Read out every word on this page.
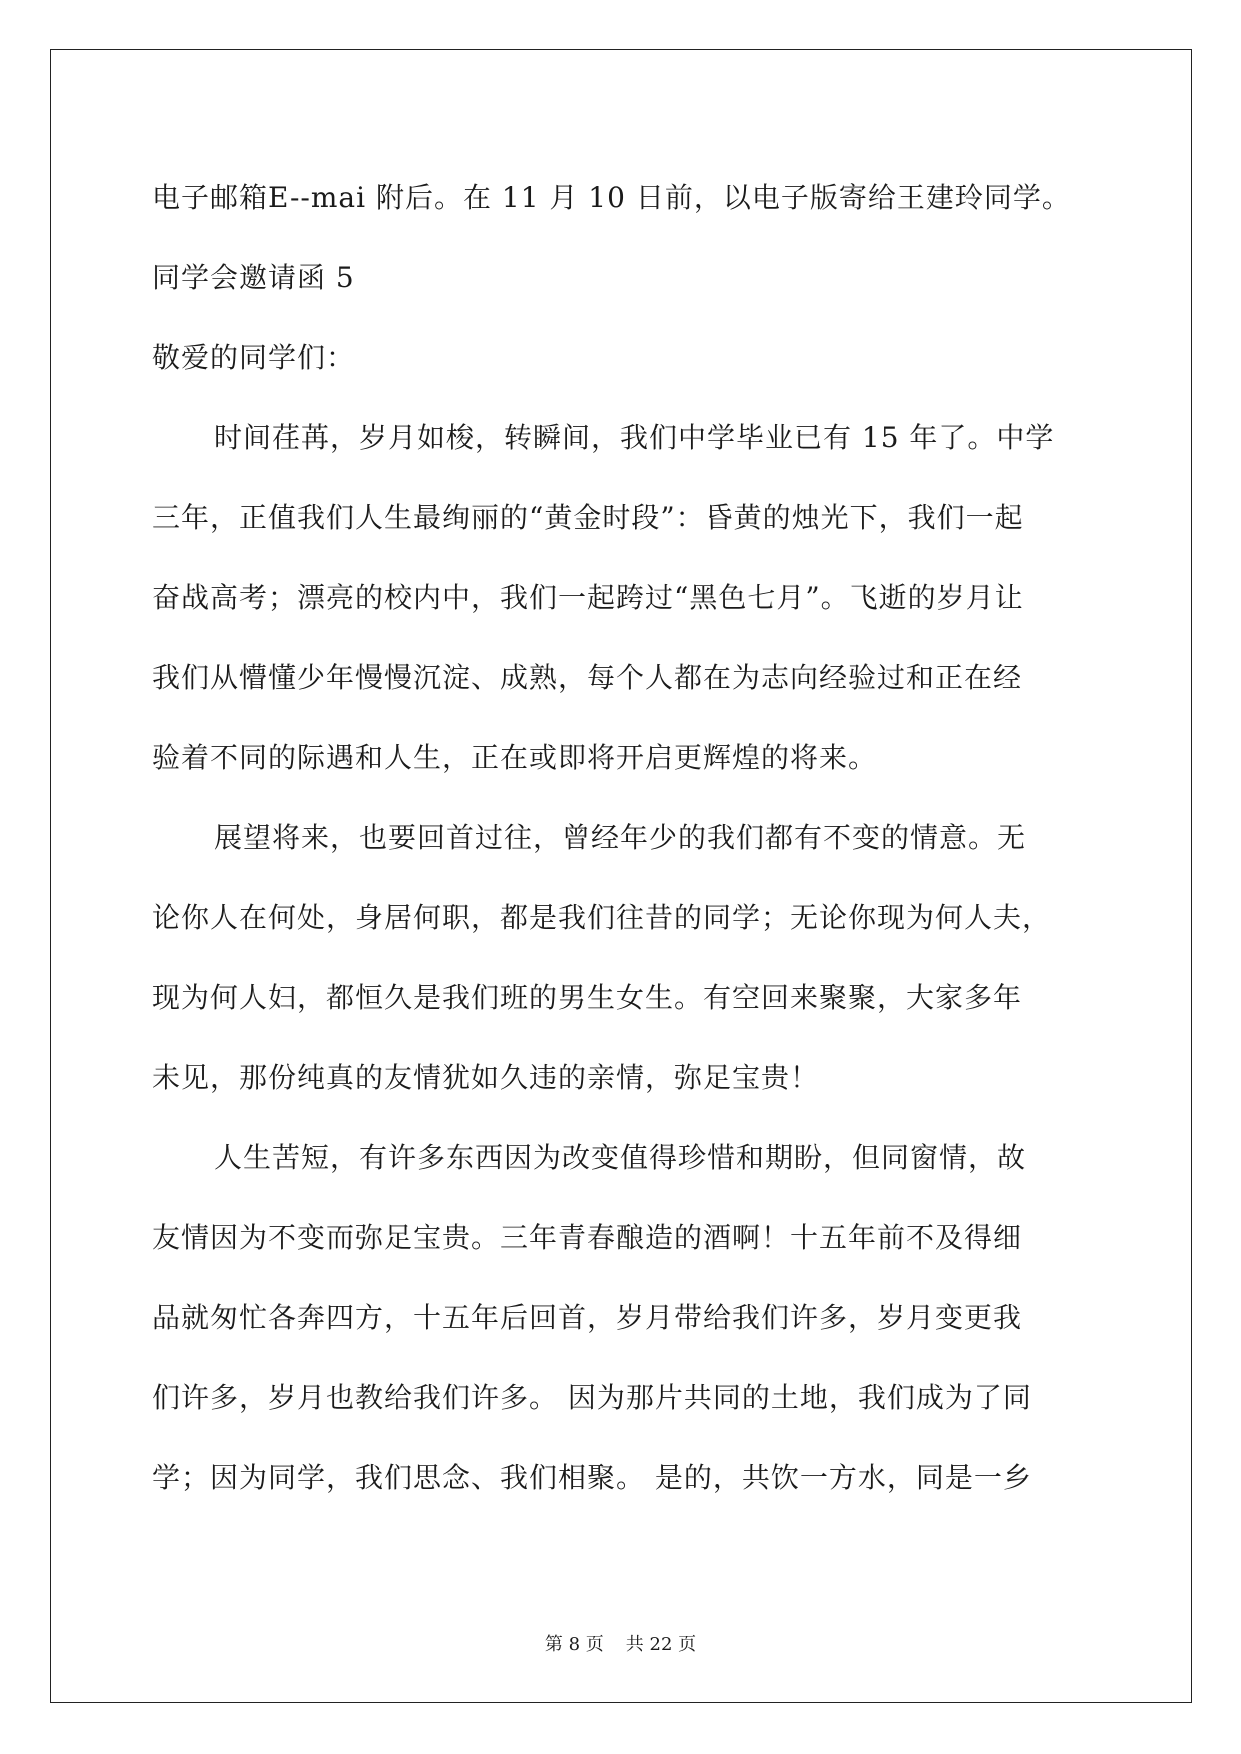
电子邮箱E--mai 附后。在 11 月 10 日前，以电子版寄给王建玲同学。
同学会邀请函 5
敬爱的同学们：
时间荏苒，岁月如梭，转瞬间，我们中学毕业已有 15 年了。中学
三年，正值我们人生最绚丽的“黄金时段”：昏黄的烛光下，我们一起
奋战高考；漂亮的校内中，我们一起跨过“黑色七月”。飞逝的岁月让
我们从懵懂少年慢慢沉淀、成熟，每个人都在为志向经验过和正在经
验着不同的际遇和人生，正在或即将开启更辉煌的将来。
展望将来，也要回首过往，曾经年少的我们都有不变的情意。无
论你人在何处，身居何职，都是我们往昔的同学；无论你现为何人夫，
现为何人妇，都恒久是我们班的男生女生。有空回来聚聚，大家多年
未见，那份纯真的友情犹如久违的亲情，弥足宝贵！
人生苦短，有许多东西因为改变值得珍惜和期盼，但同窗情，故
友情因为不变而弥足宝贵。三年青春酿造的酒啊！十五年前不及得细
品就匆忙各奔四方，十五年后回首，岁月带给我们许多，岁月变更我
们许多，岁月也教给我们许多。 因为那片共同的土地，我们成为了同
学；因为同学，我们思念、我们相聚。 是的，共饮一方水，同是一乡
第 8 页 共 22 页
